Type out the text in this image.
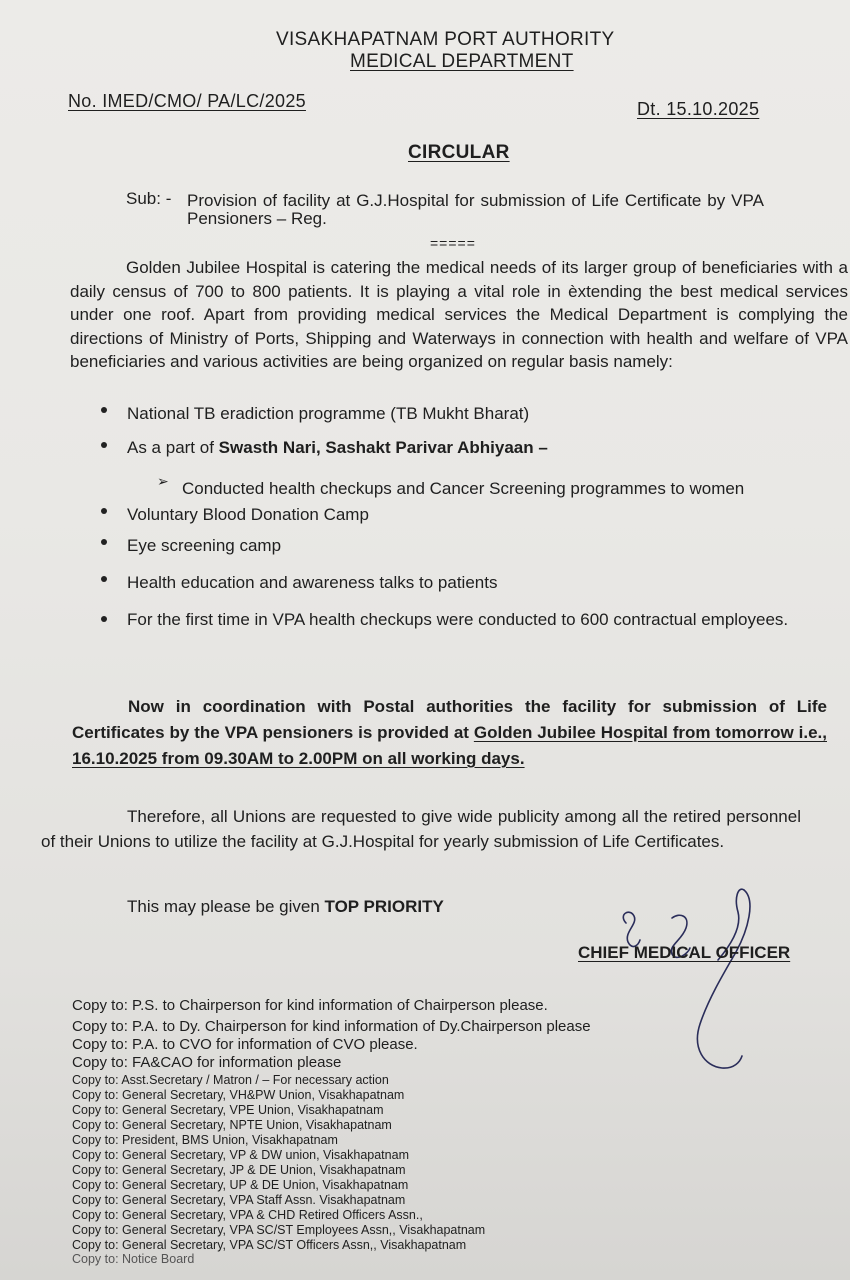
VISAKHAPATNAM PORT AUTHORITY
MEDICAL DEPARTMENT
No. IMED/CMO/ PA/LC/2025	Dt. 15.10.2025
CIRCULAR
Sub: - Provision of facility at G.J.Hospital for submission of Life Certificate by VPA
Pensioners – Reg.
=====
Golden Jubilee Hospital is catering the medical needs of its larger group of beneficiaries with a daily census of 700 to 800 patients. It is playing a vital role in èxtending the best medical services under one roof. Apart from providing medical services the Medical Department is complying the directions of Ministry of Ports, Shipping and Waterways in connection with health and welfare of VPA beneficiaries and various activities are being organized on regular basis namely:
National TB eradiction programme (TB Mukht Bharat)
As a part of Swasth Nari, Sashakt Parivar Abhiyaan –
➢ Conducted health checkups and Cancer Screening programmes to women
Voluntary Blood Donation Camp
Eye screening camp
Health education and awareness talks to patients
For the first time in VPA health checkups were conducted to 600 contractual employees.
Now in coordination with Postal authorities the facility for submission of Life Certificates by the VPA pensioners is provided at Golden Jubilee Hospital from tomorrow i.e., 16.10.2025 from 09.30AM to 2.00PM on all working days.
Therefore, all Unions are requested to give wide publicity among all the retired personnel of their Unions to utilize the facility at G.J.Hospital for yearly submission of Life Certificates.
This may please be given TOP PRIORITY
CHIEF MEDICAL OFFICER
Copy to: P.S. to Chairperson for kind information of Chairperson please.
Copy to: P.A. to Dy. Chairperson for kind information of Dy.Chairperson please
Copy to: P.A. to CVO for information of CVO please.
Copy to: FA&CAO for information please
Copy to: Asst.Secretary / Matron / – For necessary action
Copy to: General Secretary, VH&PW Union, Visakhapatnam
Copy to: General Secretary, VPE Union, Visakhapatnam
Copy to: General Secretary, NPTE Union, Visakhapatnam
Copy to: President, BMS Union, Visakhapatnam
Copy to: General Secretary, VP & DW union, Visakhapatnam
Copy to: General Secretary, JP & DE Union, Visakhapatnam
Copy to: General Secretary, UP & DE Union, Visakhapatnam
Copy to: General Secretary, VPA Staff Assn. Visakhapatnam
Copy to: General Secretary, VPA & CHD Retired Officers Assn.,
Copy to: General Secretary, VPA SC/ST Employees Assn,, Visakhapatnam
Copy to: General Secretary, VPA SC/ST Officers Assn,, Visakhapatnam
Copy to: Notice Board
